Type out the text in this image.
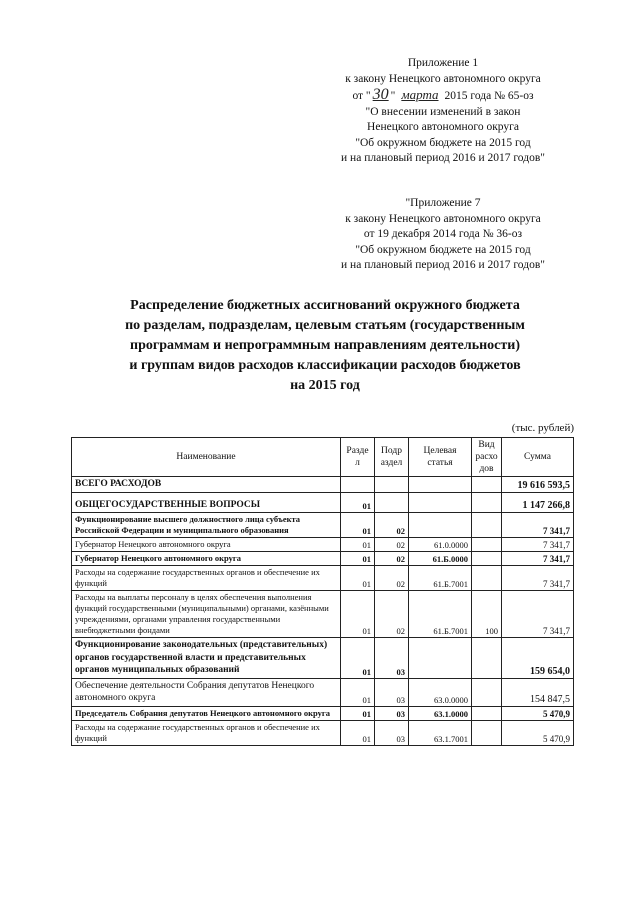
Приложение 1
к закону Ненецкого автономного округа
от " 30 " марта 2015 года № 65-оз
"О внесении изменений в закон
Ненецкого автономного округа
"Об окружном бюджете на 2015 год
и на плановый период 2016 и 2017 годов"
"Приложение 7
к закону Ненецкого автономного округа
от 19 декабря 2014 года № 36-оз
"Об окружном бюджете на 2015 год
и на плановый период 2016 и 2017 годов"
Распределение бюджетных ассигнований окружного бюджета
по разделам, подразделам, целевым статьям (государственным
программам и непрограммным направлениям деятельности)
и группам видов расходов классификации расходов бюджетов
на 2015 год
(тыс. рублей)
Наименование	Разде л	Подр аздел	Целевая статья	Вид расхо дов	Сумма
ВСЕГО РАСХОДОВ					19 616 593,5
ОБЩЕГОСУДАРСТВЕННЫЕ ВОПРОСЫ	01				1 147 266,8
Функционирование высшего должностного лица субъекта Российской Федерации и муниципального образования	01	02			7 341,7
Губернатор Ненецкого автономного округа	01	02	61.0.0000		7 341,7
Губернатор Ненецкого автономного округа	01	02	61.Б.0000		7 341,7
Расходы на содержание государственных органов и обеспечение их функций	01	02	61.Б.7001		7 341,7
Расходы на выплаты персоналу в целях обеспечения выполнения функций государственными (муниципальными) органами, казёнными учреждениями, органами управления государственными внебюджетными фондами	01	02	61.Б.7001	100	7 341,7
Функционирование законодательных (представительных) органов государственной власти и представительных органов муниципальных образований	01	03			159 654,0
Обеспечение деятельности Собрания депутатов Ненецкого автономного округа	01	03	63.0.0000		154 847,5
Председатель Собрания депутатов Ненецкого автономного округа	01	03	63.1.0000		5 470,9
Расходы на содержание государственных органов и обеспечение их функций	01	03	63.1.7001		5 470,9
